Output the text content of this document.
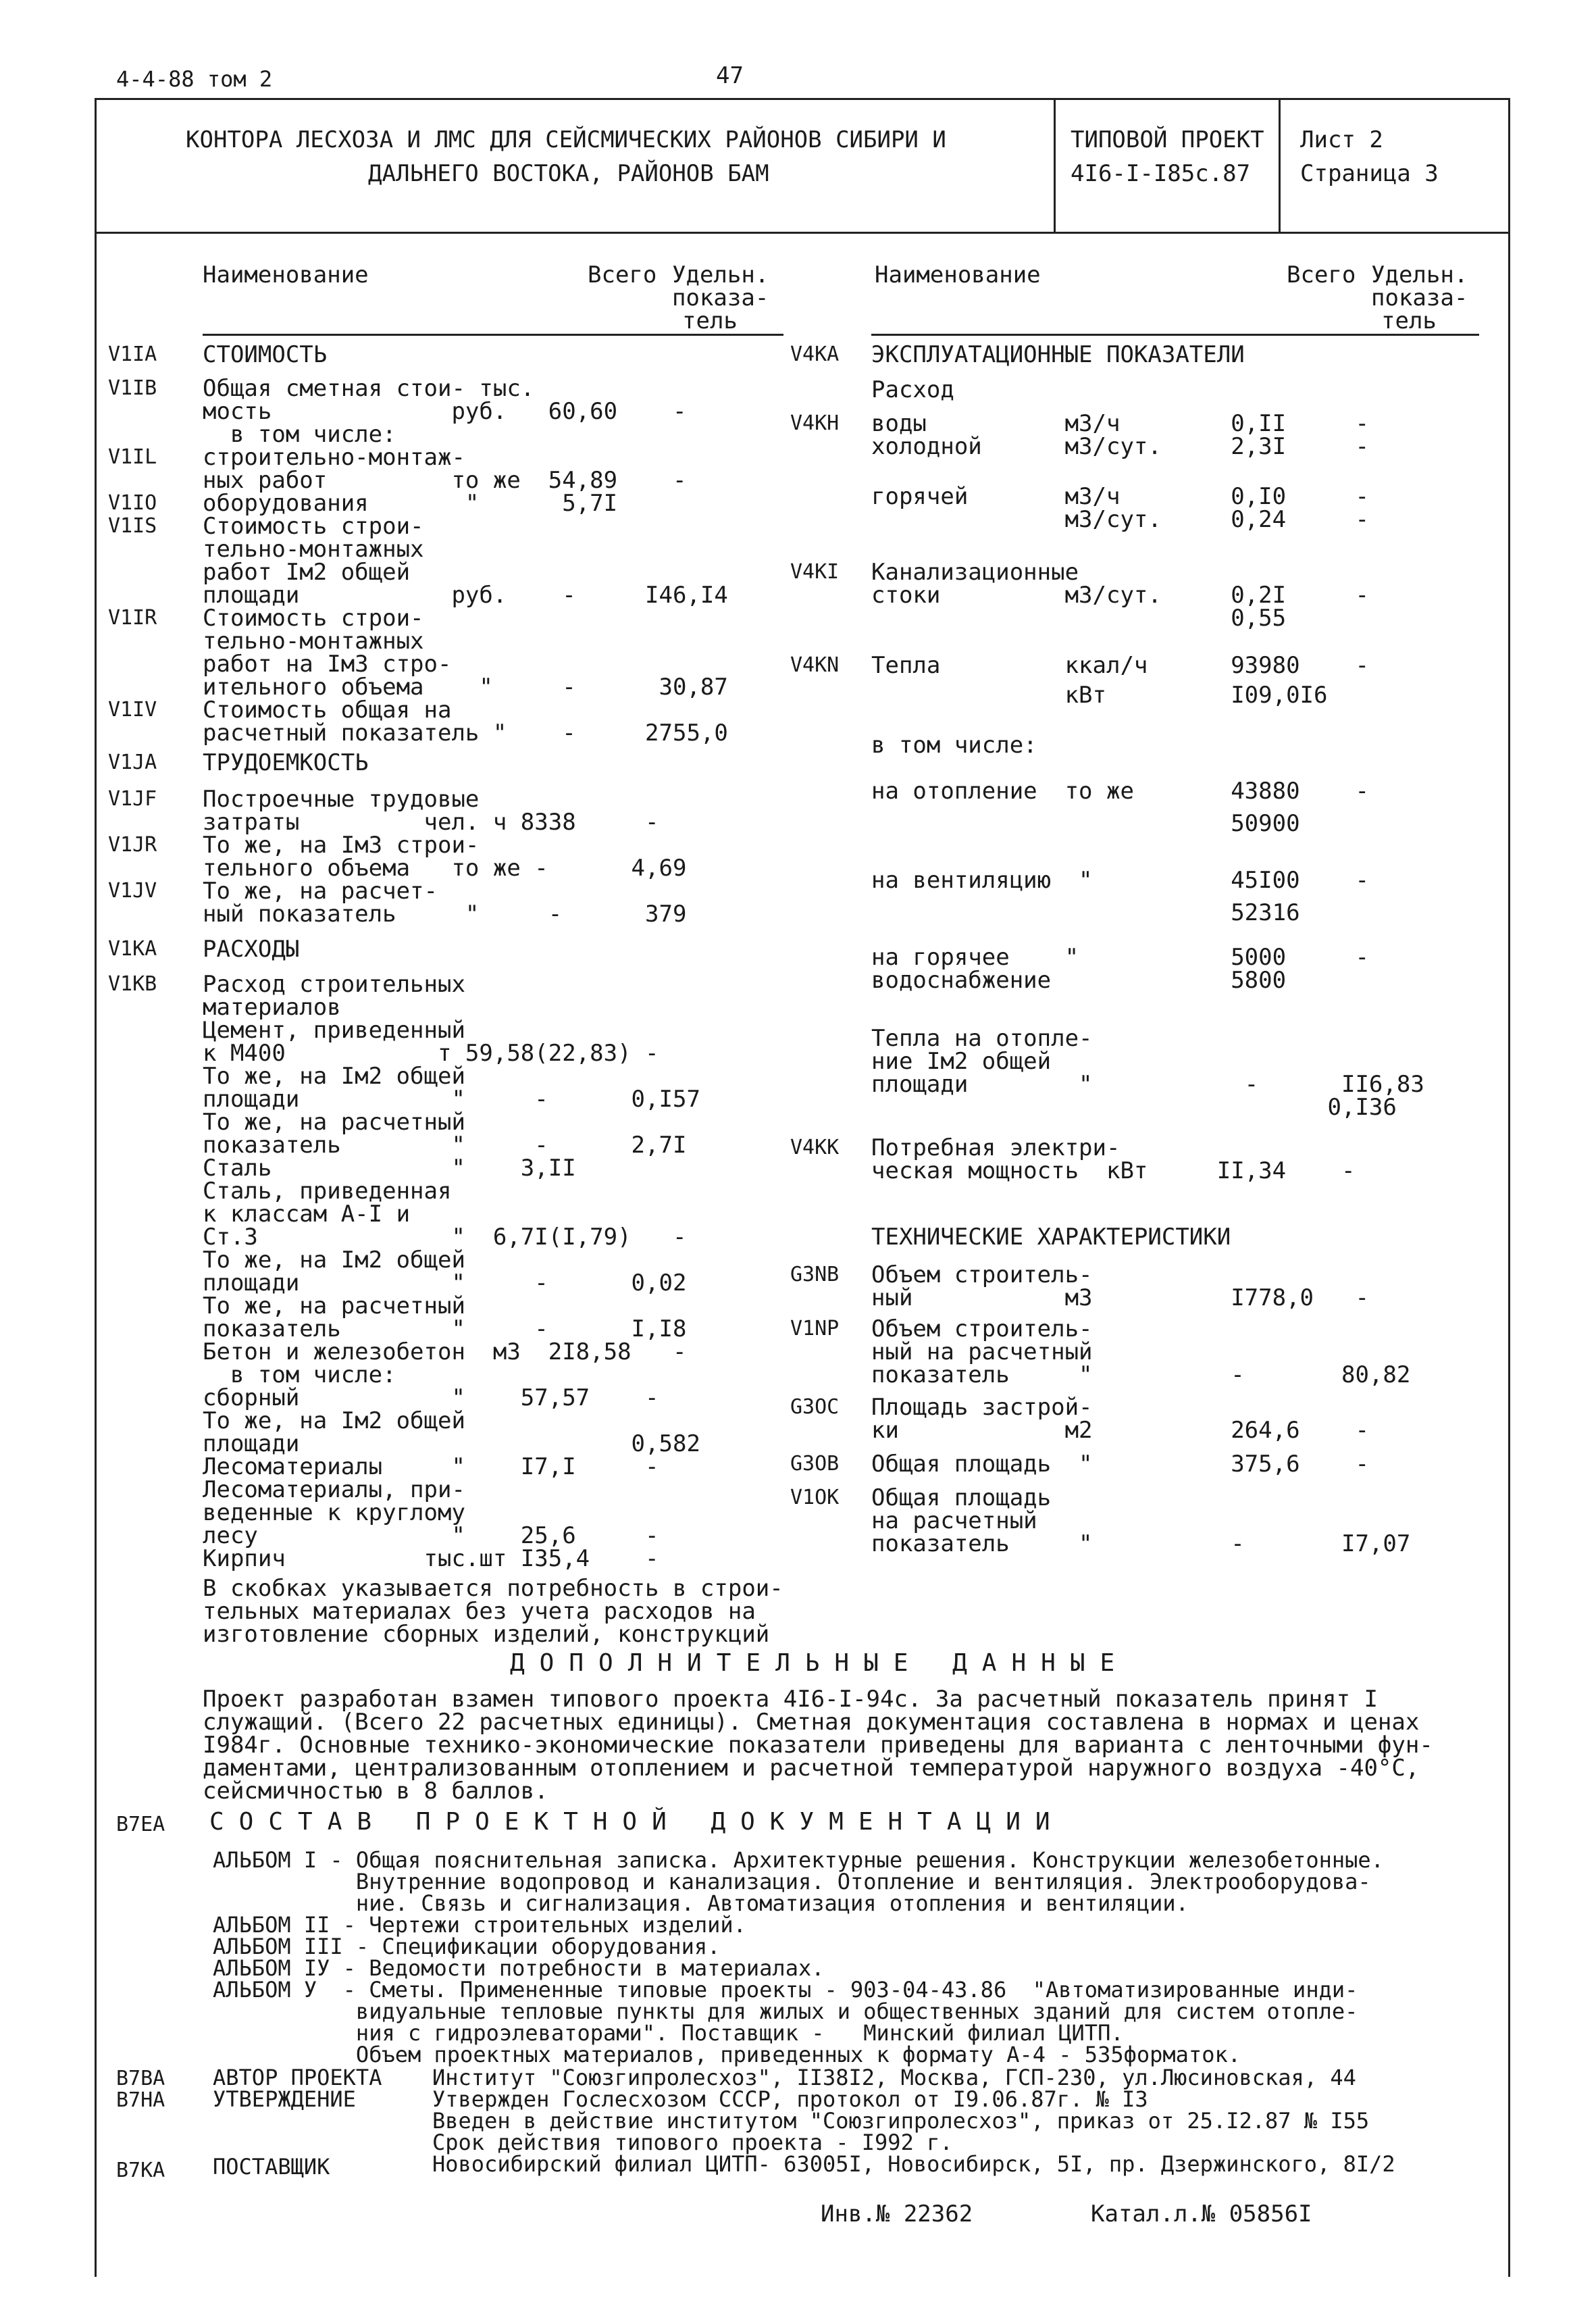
4-4-88 том 2	47
КОНТОРА ЛЕСХОЗА И ЛМС ДЛЯ СЕЙСМИЧЕСКИХ РАЙОНОВ СИБИРИ И
ДАЛЬНЕГО ВОСТОКА, РАЙОНОВ БАМ
ТИПОВОЙ ПРОЕКТ
4I6-I-I85с.87
Лист 2
Страница 3
Наименование	Всего Удельн.
показа-
тель
Наименование	Всего Удельн.
показа-
тель
V1IA СТОИМОСТЬ
V1IB Общая сметная стои- тыс.
мость             руб.   60,60    -
в том числе:
V1IL строительно-монтаж-
ных работ         то же  54,89    -
V1IO оборудования       "      5,7I
V1IS Стоимость строи-
тельно-монтажных
работ Iм2 общей
площади           руб.    -     I46,I4
V1IR Стоимость строи-
тельно-монтажных
работ на Iм3 стро-
ительного объема    "     -      30,87
V1IV Стоимость общая на
расчетный показатель "    -     2755,0
V1JA ТРУДОЕМКОСТЬ
V1JF Построечные трудовые
затраты         чел. ч 8338     -
V1JR То же, на Iм3 строи-
тельного объема   то же -      4,69
V1JV То же, на расчет-
ный показатель     "     -      379
V1KA РАСХОДЫ
V1KB Расход строительных
материалов
Цемент, приведенный
к М400           т 59,58(22,83) -
То же, на Iм2 общей
площади           "     -      0,I57
То же, на расчетный
показатель        "     -      2,7I
Сталь             "    3,II
Сталь, приведенная
к классам А-I и
Ст.3              "  6,7I(I,79)   -
То же, на Iм2 общей
площади           "     -      0,02
То же, на расчетный
показатель        "     -      I,I8
Бетон и железобетон  м3  2I8,58   -
в том числе:
сборный           "    57,57    -
То же, на Iм2 общей
площади                        0,582
Лесоматериалы     "    I7,I     -
Лесоматериалы, при-
веденные к круглому
лесу              "    25,6     -
Кирпич          тыс.шт I35,4    -
В скобках указывается потребность в строи-
тельных материалах без учета расходов на
изготовление сборных изделий, конструкций
V4KA ЭКСПЛУАТАЦИОННЫЕ ПОКАЗАТЕЛИ
Расход
V4KH воды          м3/ч        0,II     -
холодной      м3/сут.     2,3I     -
горячей       м3/ч        0,I0     -
м3/сут.     0,24     -
V4KI Канализационные
стоки         м3/сут.     0,2I     -
0,55
V4KN Тепла         ккал/ч      93980    -
кВт         I09,0I6
в том числе:
на отопление  то же       43880    -
50900
на вентиляцию  "          45I00    -
52316
на горячее    "           5000     -
водоснабжение             5800
Тепла на отопле-
ние Iм2 общей
площади        "           -      II6,83
0,I36
V4KK Потребная электри-
ческая мощность  кВт     II,34    -
ТЕХНИЧЕСКИЕ ХАРАКТЕРИСТИКИ
G3NB Объем строитель-
ный           м3          I778,0   -
V1NP Объем строитель-
ный на расчетный
показатель     "          -       80,82
G3OC Площадь застрой-
ки            м2          264,6    -
G3OB Общая площадь  "          375,6    -
V1OK Общая площадь
на расчетный
показатель     "          -       I7,07
ДОПОЛНИТЕЛЬНЫЕ ДАННЫЕ
Проект разработан взамен типового проекта 4I6-I-94с. За расчетный показатель принят I
служащий. (Всего 22 расчетных единицы). Сметная документация составлена в нормах и ценах
I984г. Основные технико-экономические показатели приведены для варианта с ленточными фун-
даментами, централизованным отоплением и расчетной температурой наружного воздуха -40°С,
сейсмичностью в 8 баллов.
B7EA СОСТАВ ПРОЕКТНОЙ ДОКУМЕНТАЦИИ
АЛЬБОМ I - Общая пояснительная записка. Архитектурные решения. Конструкции железобетонные.
Внутренние водопровод и канализация. Отопление и вентиляция. Электрооборудова-
ние. Связь и сигнализация. Автоматизация отопления и вентиляции.
АЛЬБОМ II - Чертежи строительных изделий.
АЛЬБОМ III - Спецификации оборудования.
АЛЬБОМ IУ - Ведомости потребности в материалах.
АЛЬБОМ У  - Сметы. Примененные типовые проекты - 903-04-43.86  "Автоматизированные инди-
видуальные тепловые пункты для жилых и общественных зданий для систем отопле-
ния с гидроэлеваторами". Поставщик -   Минский филиал ЦИТП.
Объем проектных материалов, приведенных к формату А-4 - 535форматок.
B7BA АВТОР ПРОЕКТА Институт "Союзгипролесхоз", II38I2, Москва, ГСП-230, ул.Люсиновская, 44
B7HA УТВЕРЖДЕНИЕ	Утвержден Гослесхозом СССР, протокол от I9.06.87г. № I3
Введен в действие институтом "Союзгипролесхоз", приказ от 25.I2.87 № I55
Срок действия типового проекта - I992 г.
B7KA ПОСТАВЩИК	Новосибирский филиал ЦИТП- 63005I, Новосибирск, 5I, пр. Дзержинского, 8I/2
Инв.№ 22362	Катал.л.№ 05856I
